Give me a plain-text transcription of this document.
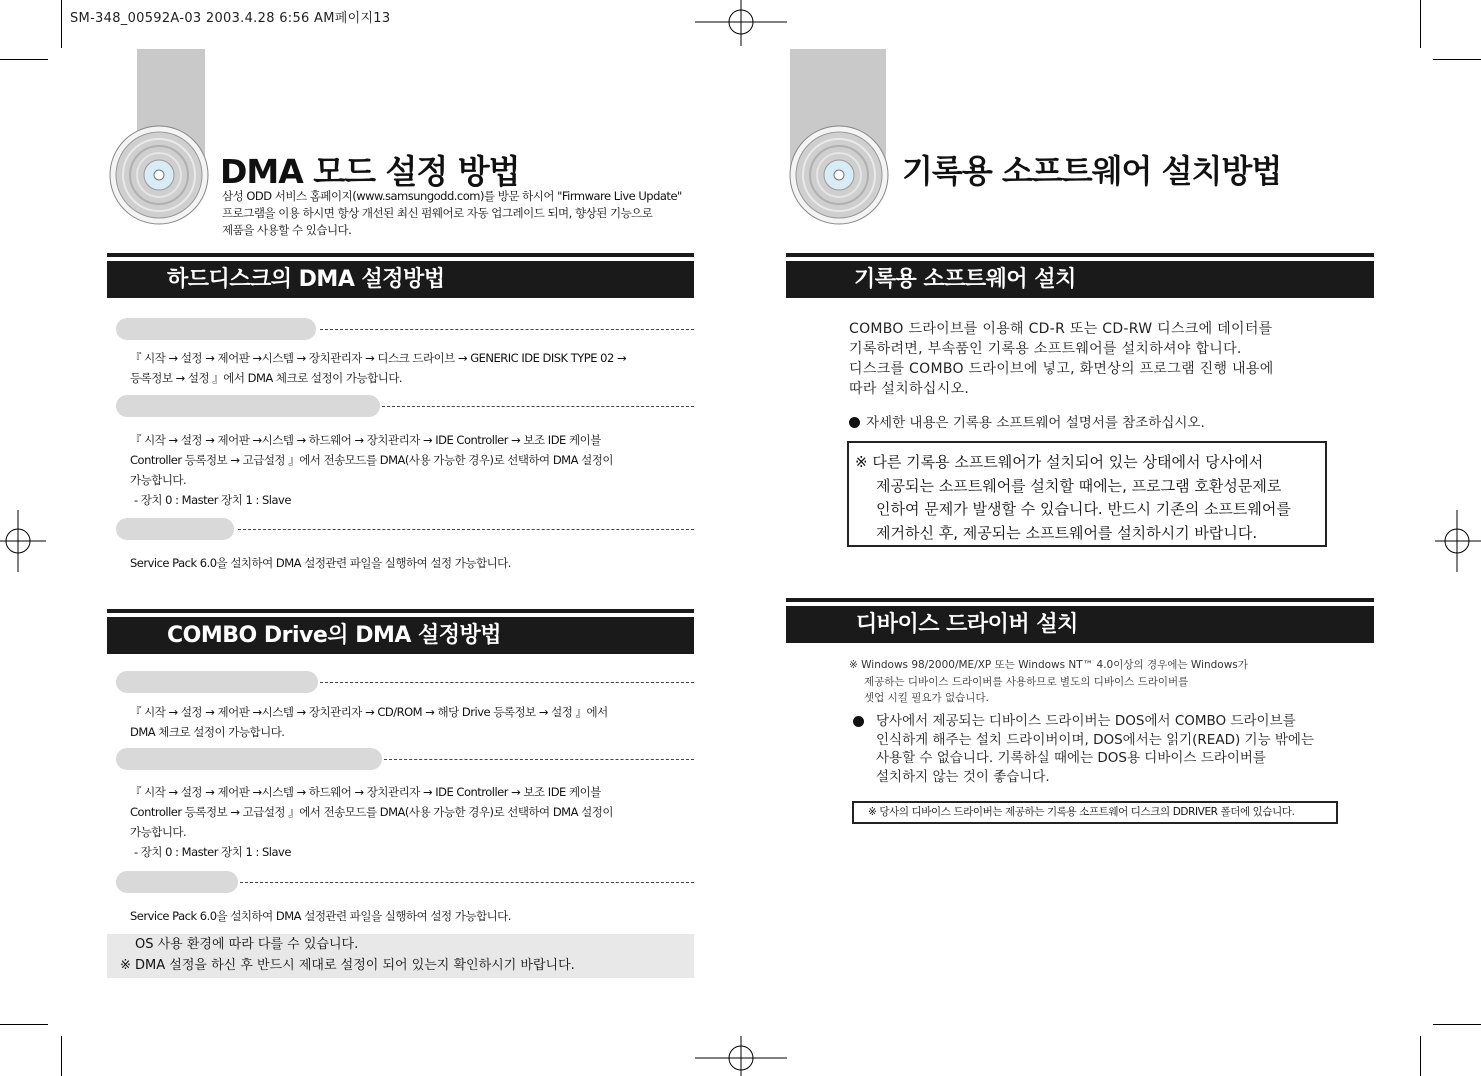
SM-348_00592A-03 2003.4.28 6:56 AM페이지13
DMA 모드 설정 방법
삼성 ODD 서비스 홈페이지(www.samsungodd.com)를 방문 하시어 "Firmware Live Update"
프로그램을 이용 하시면 항상 개선된 최신 펌웨어로 자동 업그레이드 되며, 향상된 기능으로
제품을 사용할 수 있습니다.
하드디스크의 DMA 설정방법
『 시작 → 설정 → 제어판 →시스템 → 장치관리자 → 디스크 드라이브 → GENERIC IDE DISK TYPE 02 →
등록정보 → 설정 』에서 DMA 체크로 설정이 가능합니다.
『 시작 → 설정 → 제어판 →시스템 → 하드웨어 → 장치관리자 → IDE Controller → 보조 IDE 케이블
Controller 등록정보 → 고급설정 』에서 전송모드를 DMA(사용 가능한 경우)로 선택하여 DMA 설정이
가능합니다.
- 장치 0 : Master 장치 1 : Slave
Service Pack 6.0을 설치하여 DMA 설정관련 파일을 실행하여 설정 가능합니다.
COMBO Drive의 DMA 설정방법
『 시작 → 설정 → 제어판 →시스템 → 장치관리자 → CD/ROM → 해당 Drive 등록정보 → 설정 』에서
DMA 체크로 설정이 가능합니다.
『 시작 → 설정 → 제어판 →시스템 → 하드웨어 → 장치관리자 → IDE Controller → 보조 IDE 케이블
Controller 등록정보 → 고급설정 』에서 전송모드를 DMA(사용 가능한 경우)로 선택하여 DMA 설정이
가능합니다.
- 장치 0 : Master 장치 1 : Slave
Service Pack 6.0을 설치하여 DMA 설정관련 파일을 실행하여 설정 가능합니다.
OS 사용 환경에 따라 다를 수 있습니다.
※ DMA 설정을 하신 후 반드시 제대로 설정이 되어 있는지 확인하시기 바랍니다.
기록용 소프트웨어 설치방법
기록용 소프트웨어 설치
COMBO 드라이브를 이용해 CD-R 또는 CD-RW 디스크에 데이터를
기록하려면, 부속품인 기록용 소프트웨어를 설치하셔야 합니다.
디스크를 COMBO 드라이브에 넣고, 화면상의 프로그램 진행 내용에
따라 설치하십시오.
자세한 내용은 기록용 소프트웨어 설명서를 참조하십시오.
※ 다른 기록용 소프트웨어가 설치되어 있는 상태에서 당사에서
제공되는 소프트웨어를 설치할 때에는, 프로그램 호환성문제로
인하여 문제가 발생할 수 있습니다. 반드시 기존의 소프트웨어를
제거하신 후, 제공되는 소프트웨어를 설치하시기 바랍니다.
디바이스 드라이버 설치
※ Windows 98/2000/ME/XP 또는 Windows NT™ 4.0이상의 경우에는 Windows가
제공하는 디바이스 드라이버를 사용하므로 별도의 디바이스 드라이버를
셋업 시킬 필요가 없습니다.
당사에서 제공되는 디바이스 드라이버는 DOS에서 COMBO 드라이브를
인식하게 해주는 설치 드라이버이며, DOS에서는 읽기(READ) 기능 밖에는
사용할 수 없습니다. 기록하실 때에는 DOS용 디바이스 드라이버를
설치하지 않는 것이 좋습니다.
※ 당사의 디바이스 드라이버는 제공하는 기록용 소프트웨어 디스크의 DDRIVER 폴더에 있습니다.
